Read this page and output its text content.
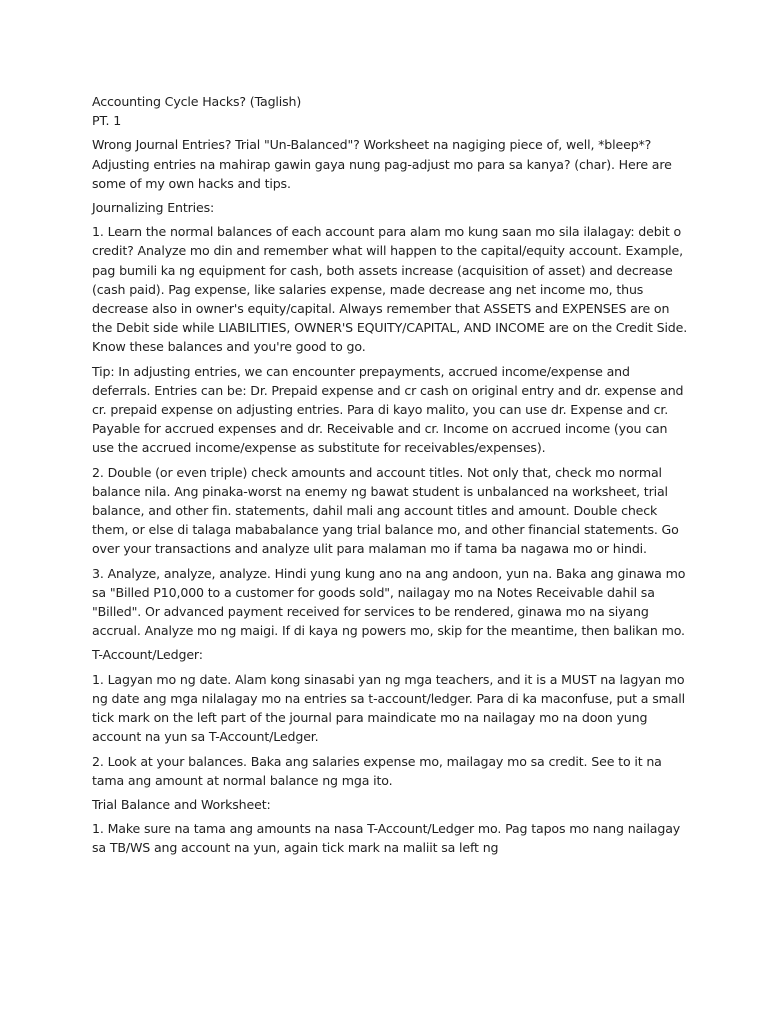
Accounting Cycle Hacks? (Taglish)

PT. 1

Wrong Journal Entries? Trial "Un-Balanced"? Worksheet na nagiging piece of, well, *bleep*? Adjusting entries na mahirap gawin gaya nung pag-adjust mo para sa kanya? (char). Here are some of my own hacks and tips.

Journalizing Entries:

1. Learn the normal balances of each account para alam mo kung saan mo sila ilalagay: debit o credit? Analyze mo din and remember what will happen to the capital/equity account. Example, pag bumili ka ng equipment for cash, both assets increase (acquisition of asset) and decrease (cash paid). Pag expense, like salaries expense, made decrease ang net income mo, thus decrease also in owner's equity/capital. Always remember that ASSETS and EXPENSES are on the Debit side while LIABILITIES, OWNER'S EQUITY/CAPITAL, AND INCOME are on the Credit Side. Know these balances and you're good to go.

Tip: In adjusting entries, we can encounter prepayments, accrued income/expense and deferrals. Entries can be: Dr. Prepaid expense and cr cash on original entry and dr. expense and cr. prepaid expense on adjusting entries. Para di kayo malito, you can use dr. Expense and cr. Payable for accrued expenses and dr. Receivable and cr. Income on accrued income (you can use the accrued income/expense as substitute for receivables/expenses).

2. Double (or even triple) check amounts and account titles. Not only that, check mo normal balance nila. Ang pinaka-worst na enemy ng bawat student is unbalanced na worksheet, trial balance, and other fin. statements, dahil mali ang account titles and amount. Double check them, or else di talaga mababalance yang trial balance mo, and other financial statements. Go over your transactions and analyze ulit para malaman mo if tama ba nagawa mo or hindi.

3. Analyze, analyze, analyze. Hindi yung kung ano na ang andoon, yun na. Baka ang ginawa mo sa "Billed P10,000 to a customer for goods sold", nailagay mo na Notes Receivable dahil sa "Billed". Or advanced payment received for services to be rendered, ginawa mo na siyang accrual. Analyze mo ng maigi. If di kaya ng powers mo, skip for the meantime, then balikan mo.

T-Account/Ledger:

1. Lagyan mo ng date. Alam kong sinasabi yan ng mga teachers, and it is a MUST na lagyan mo ng date ang mga nilalagay mo na entries sa t-account/ledger. Para di ka maconfuse, put a small tick mark on the left part of the journal para maindicate mo na nailagay mo na doon yung account na yun sa T-Account/Ledger.

2. Look at your balances. Baka ang salaries expense mo, mailagay mo sa credit. See to it na tama ang amount at normal balance ng mga ito.

Trial Balance and Worksheet:

1. Make sure na tama ang amounts na nasa T-Account/Ledger mo. Pag tapos mo nang nailagay sa TB/WS ang account na yun, again tick mark na maliit sa left ng
